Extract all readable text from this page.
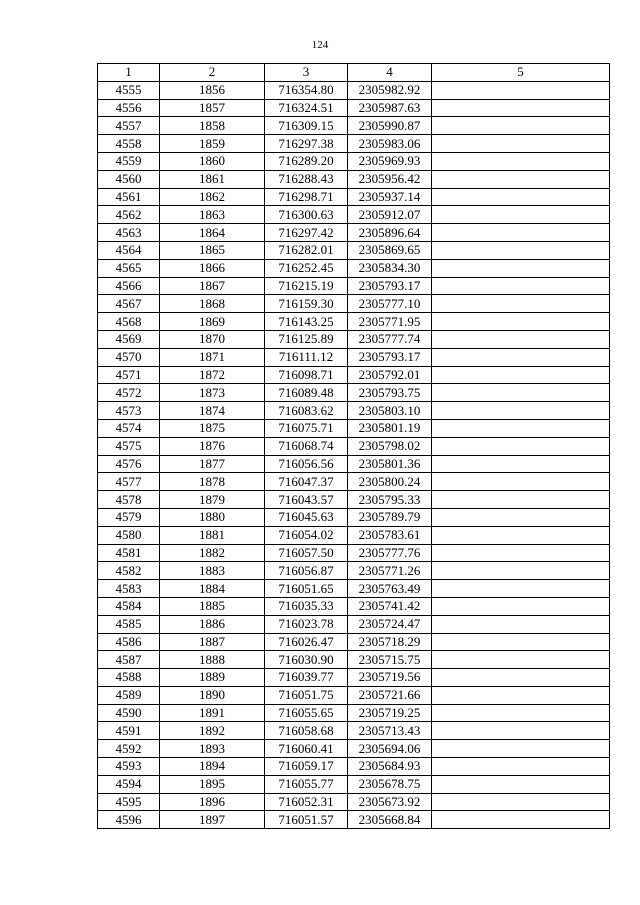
124
1	2	3	4	5
4555	1856	716354.80	2305982.92	
4556	1857	716324.51	2305987.63	
4557	1858	716309.15	2305990.87	
4558	1859	716297.38	2305983.06	
4559	1860	716289.20	2305969.93	
4560	1861	716288.43	2305956.42	
4561	1862	716298.71	2305937.14	
4562	1863	716300.63	2305912.07	
4563	1864	716297.42	2305896.64	
4564	1865	716282.01	2305869.65	
4565	1866	716252.45	2305834.30	
4566	1867	716215.19	2305793.17	
4567	1868	716159.30	2305777.10	
4568	1869	716143.25	2305771.95	
4569	1870	716125.89	2305777.74	
4570	1871	716111.12	2305793.17	
4571	1872	716098.71	2305792.01	
4572	1873	716089.48	2305793.75	
4573	1874	716083.62	2305803.10	
4574	1875	716075.71	2305801.19	
4575	1876	716068.74	2305798.02	
4576	1877	716056.56	2305801.36	
4577	1878	716047.37	2305800.24	
4578	1879	716043.57	2305795.33	
4579	1880	716045.63	2305789.79	
4580	1881	716054.02	2305783.61	
4581	1882	716057.50	2305777.76	
4582	1883	716056.87	2305771.26	
4583	1884	716051.65	2305763.49	
4584	1885	716035.33	2305741.42	
4585	1886	716023.78	2305724.47	
4586	1887	716026.47	2305718.29	
4587	1888	716030.90	2305715.75	
4588	1889	716039.77	2305719.56	
4589	1890	716051.75	2305721.66	
4590	1891	716055.65	2305719.25	
4591	1892	716058.68	2305713.43	
4592	1893	716060.41	2305694.06	
4593	1894	716059.17	2305684.93	
4594	1895	716055.77	2305678.75	
4595	1896	716052.31	2305673.92	
4596	1897	716051.57	2305668.84	
